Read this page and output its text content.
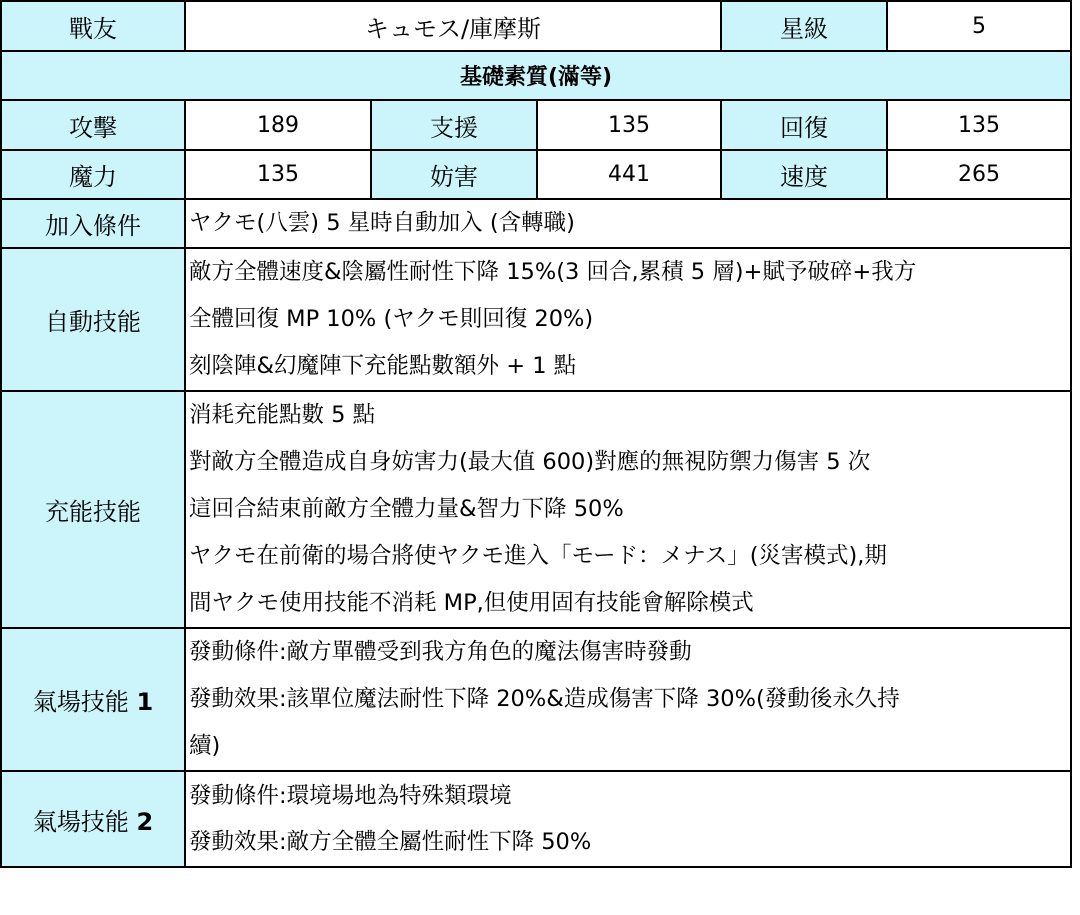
戰友	キュモス/庫摩斯			星級	5
基礎素質(滿等)					
攻擊	189	支援	135	回復	135
魔力	135	妨害	441	速度	265
加入條件	ヤクモ(八雲) 5 星時自動加入 (含轉職)				

自動技能	敵方全體速度&陰屬性耐性下降 15%(3 回合,累積 5 層)+賦予破碎+我方
全體回復 MP 10% (ヤクモ則回復 20%)
刻陰陣&幻魔陣下充能點數額外 + 1 點				

充能技能	消耗充能點數 5 點
對敵方全體造成自身妨害力(最大值 600)對應的無視防禦力傷害 5 次
這回合結束前敵方全體力量&智力下降 50%
ヤクモ在前衛的場合將使ヤクモ進入「モード：メナス」(災害模式),期
間ヤクモ使用技能不消耗 MP,但使用固有技能會解除模式				

氣場技能 1	發動條件:敵方單體受到我方角色的魔法傷害時發動
發動效果:該單位魔法耐性下降 20%&造成傷害下降 30%(發動後永久持
續)				

氣場技能 2	發動條件:環境場地為特殊類環境
發動效果:敵方全體全屬性耐性下降 50%				
